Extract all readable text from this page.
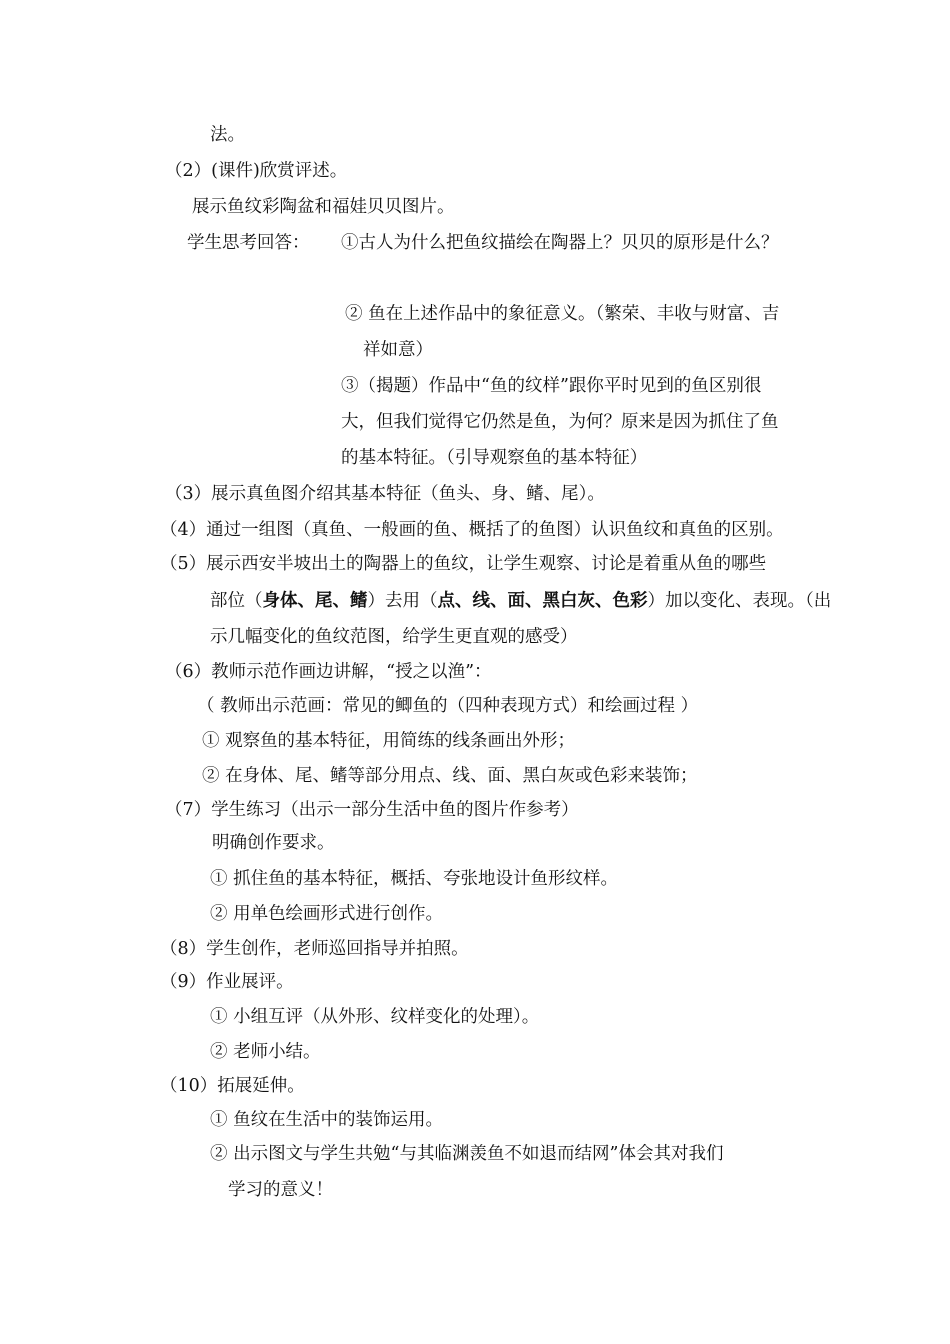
法。
（2）(课件)欣赏评述。
展示鱼纹彩陶盆和福娃贝贝图片。
学生思考回答： ①古人为什么把鱼纹描绘在陶器上？贝贝的原形是什么？
② 鱼在上述作品中的象征意义。（繁荣、丰收与财富、吉
祥如意）
③（揭题）作品中“鱼的纹样”跟你平时见到的鱼区别很
大，但我们觉得它仍然是鱼，为何？原来是因为抓住了鱼
的基本特征。（引导观察鱼的基本特征）
（3）展示真鱼图介绍其基本特征（鱼头、身、鳍、尾）。
（4）通过一组图（真鱼、一般画的鱼、概括了的鱼图）认识鱼纹和真鱼的区别。
（5）展示西安半坡出土的陶器上的鱼纹，让学生观察、讨论是着重从鱼的哪些
部位（身体、尾、鳍）去用（点、线、面、黑白灰、色彩）加以变化、表现。（出
示几幅变化的鱼纹范图，给学生更直观的感受）
（6）教师示范作画边讲解，“授之以渔”：
（ 教师出示范画：常见的鲫鱼的（四种表现方式）和绘画过程 ）
① 观察鱼的基本特征，用简练的线条画出外形；
② 在身体、尾、鳍等部分用点、线、面、黑白灰或色彩来装饰；
（7）学生练习（出示一部分生活中鱼的图片作参考）
明确创作要求。
① 抓住鱼的基本特征，概括、夸张地设计鱼形纹样。
② 用单色绘画形式进行创作。
（8）学生创作，老师巡回指导并拍照。
（9）作业展评。
① 小组互评（从外形、纹样变化的处理）。
② 老师小结。
（10）拓展延伸。
① 鱼纹在生活中的装饰运用。
② 出示图文与学生共勉“与其临渊羡鱼不如退而结网”体会其对我们
学习的意义！
